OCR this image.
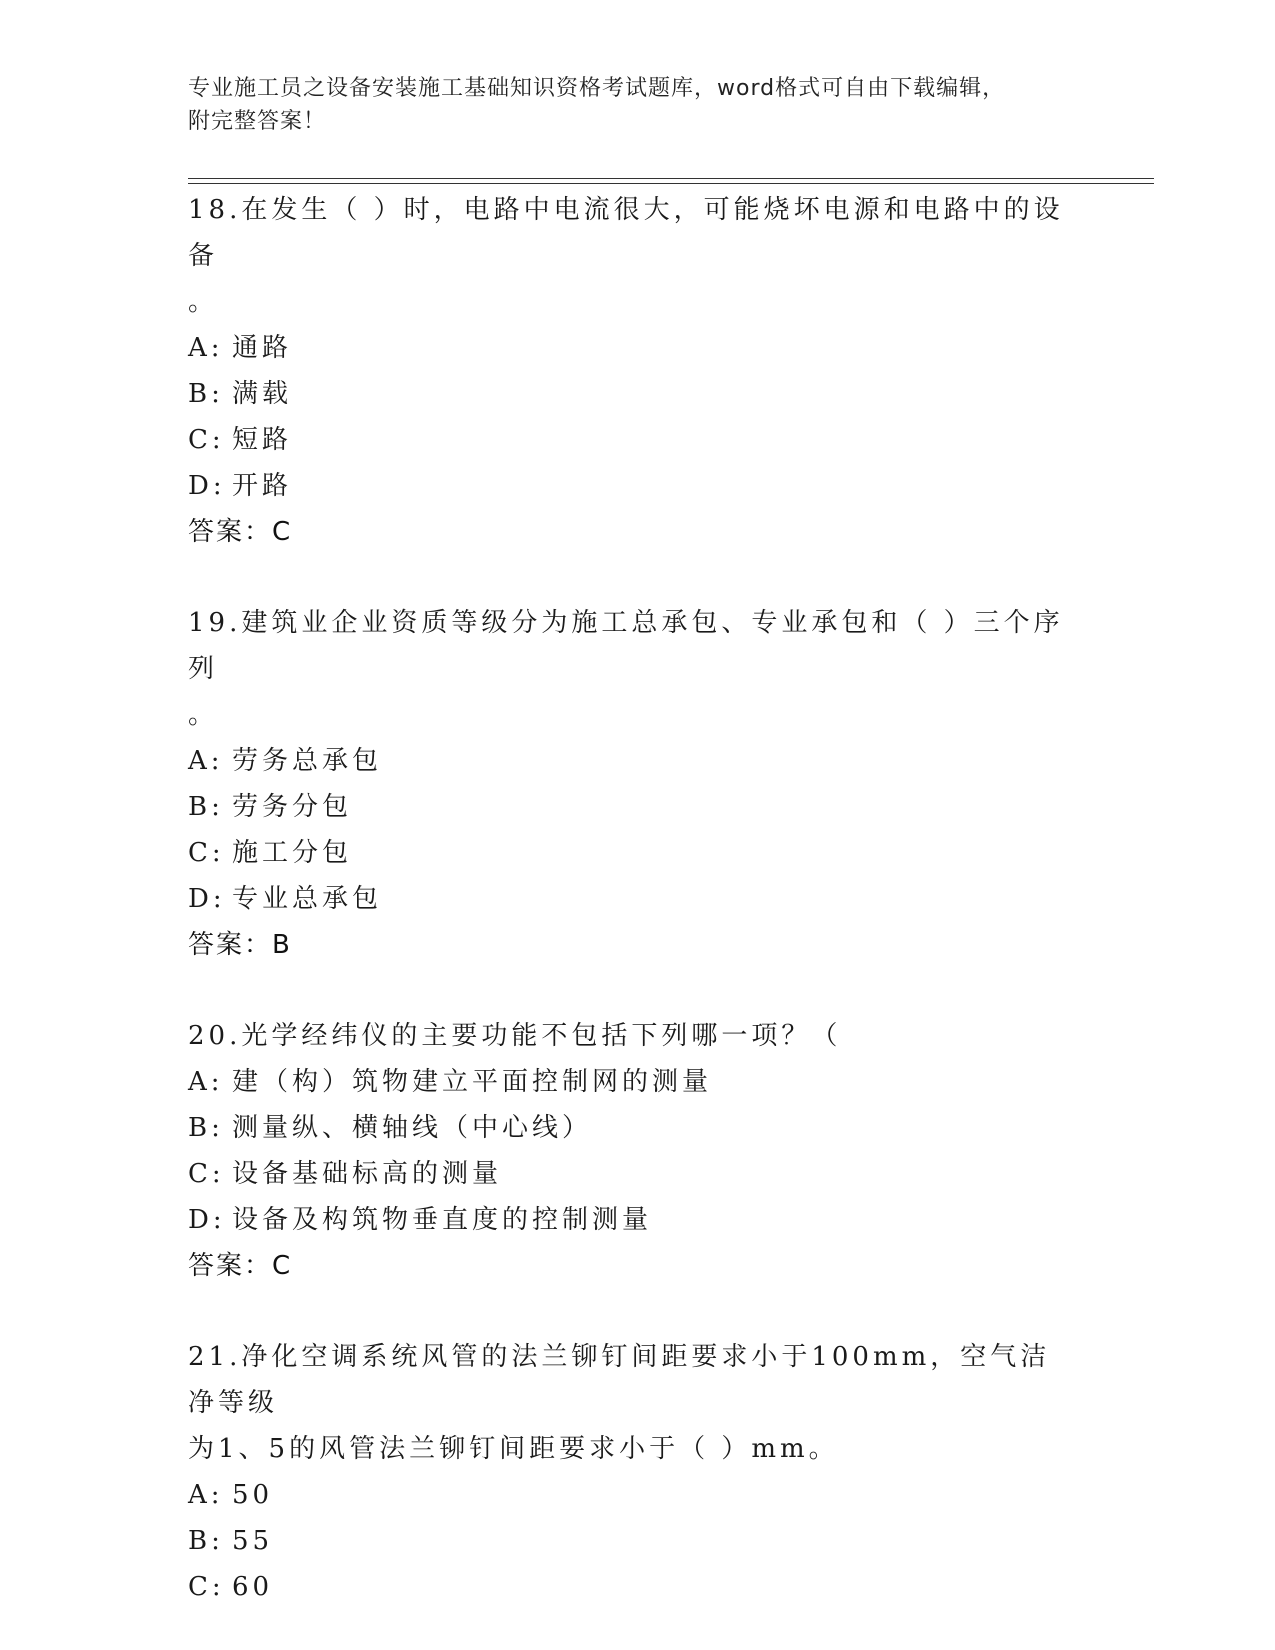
专业施工员之设备安装施工基础知识资格考试题库，word格式可自由下载编辑，
附完整答案！

18.在发生（ ）时，电路中电流很大，可能烧坏电源和电路中的设备
。

A: 通路
B: 满载
C: 短路
D: 开路
答案：C

19.建筑业企业资质等级分为施工总承包、专业承包和（ ）三个序列
。

A: 劳务总承包
B: 劳务分包
C: 施工分包
D: 专业总承包
答案：B

20.光学经纬仪的主要功能不包括下列哪一项？（

A: 建（构）筑物建立平面控制网的测量
B: 测量纵、横轴线（中心线）
C: 设备基础标高的测量
D: 设备及构筑物垂直度的控制测量
答案：C

21.净化空调系统风管的法兰铆钉间距要求小于100mm，空气洁净等级
为1、5的风管法兰铆钉间距要求小于（ ）mm。

A: 50
B: 55
C: 60
